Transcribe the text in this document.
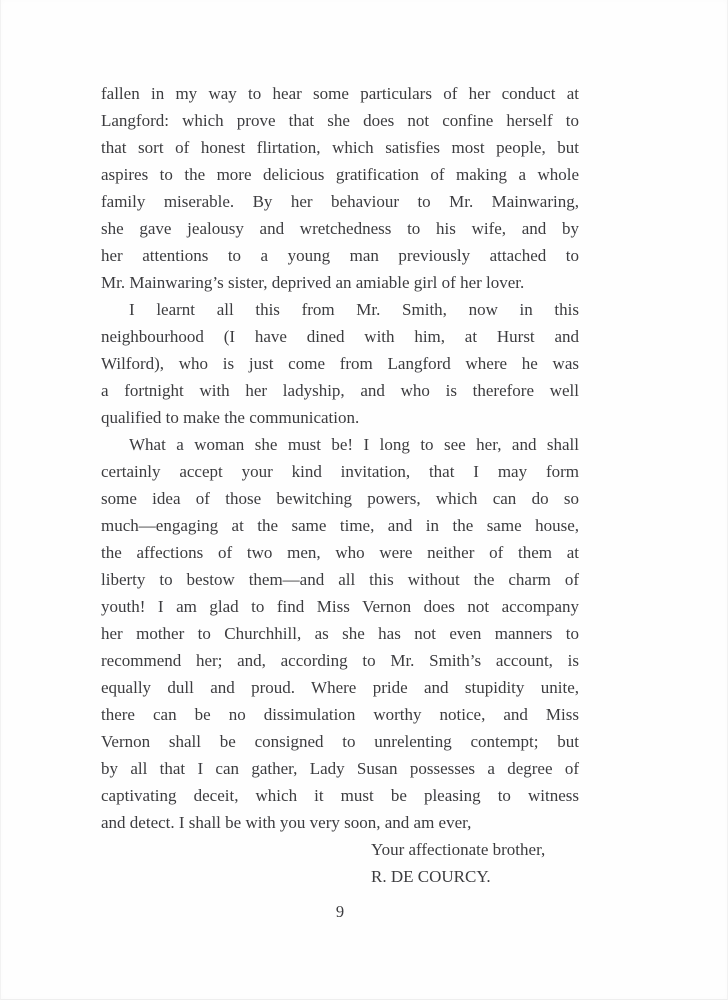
fallen in my way to hear some particulars of her conduct at
Langford: which prove that she does not confine herself to
that sort of honest flirtation, which satisfies most people, but
aspires to the more delicious gratification of making a whole
family miserable. By her behaviour to Mr. Mainwaring,
she gave jealousy and wretchedness to his wife, and by
her attentions to a young man previously attached to
Mr. Mainwaring’s sister, deprived an amiable girl of her lover.
I learnt all this from Mr. Smith, now in this
neighbourhood (I have dined with him, at Hurst and
Wilford), who is just come from Langford where he was
a fortnight with her ladyship, and who is therefore well
qualified to make the communication.
What a woman she must be! I long to see her, and shall
certainly accept your kind invitation, that I may form
some idea of those bewitching powers, which can do so
much—engaging at the same time, and in the same house,
the affections of two men, who were neither of them at
liberty to bestow them—and all this without the charm of
youth! I am glad to find Miss Vernon does not accompany
her mother to Churchhill, as she has not even manners to
recommend her; and, according to Mr. Smith’s account, is
equally dull and proud. Where pride and stupidity unite,
there can be no dissimulation worthy notice, and Miss
Vernon shall be consigned to unrelenting contempt; but
by all that I can gather, Lady Susan possesses a degree of
captivating deceit, which it must be pleasing to witness
and detect. I shall be with you very soon, and am ever,
Your affectionate brother,
R. DE COURCY.
9
